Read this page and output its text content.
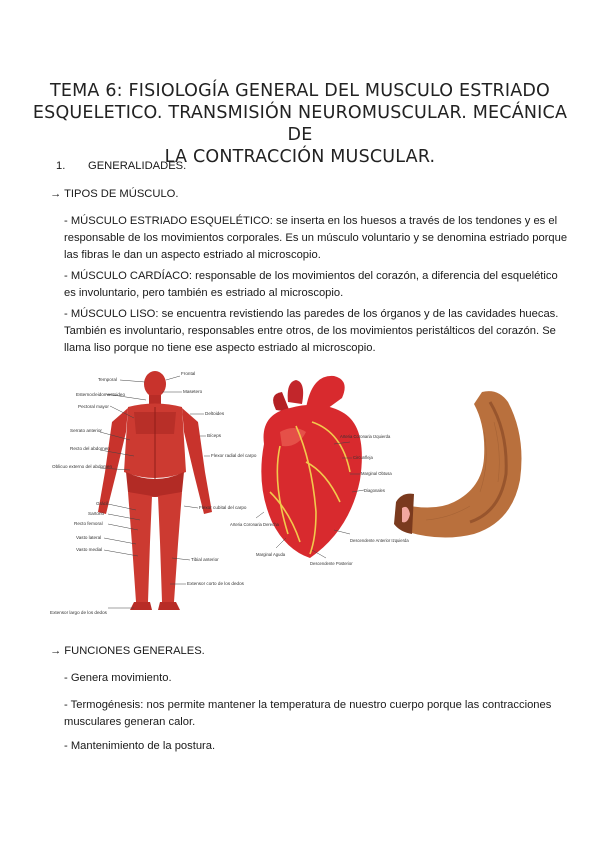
TEMA 6: FISIOLOGÍA GENERAL DEL MUSCULO ESTRIADO
ESQUELETICO. TRANSMISIÓN NEUROMUSCULAR. MECÁNICA DE
LA CONTRACCIÓN MUSCULAR.
1. GENERALIDADES.
→ TIPOS DE MÚSCULO.
- MÚSCULO ESTRIADO ESQUELÉTICO: se inserta en los huesos a través de los tendones y es el responsable de los movimientos corporales. Es un músculo voluntario y se denomina estriado porque las fibras le dan un aspecto estriado al microscopio.
- MÚSCULO CARDÍACO: responsable de los movimientos del corazón, a diferencia del esquelético es involuntario, pero también es estriado al microscopio.
- MÚSCULO LISO: se encuentra revistiendo las paredes de los órganos y de las cavidades huecas. También es involuntario, responsables entre otros, de los movimientos peristálticos del corazón. Se llama liso porque no tiene ese aspecto estriado al microscopio.
Temporal
Esternocleidomastoideo
Pectoral mayor
Serrato anterior
Recto del abdomen
Oblicuo externo del abdomen
Grácil
Sartorio
Recto femoral
Vasto lateral
Vasto medial
Extensor largo de los dedos
Frontal
Masetero
Deltoides
Bíceps
Flexor radial del carpo
Flexor cubital del carpo
Tibial anterior
Extensor corto de los dedos
Arteria Coronaria Izquierda
Circunfleja
Marginal Obtusa
Diagonales
Descendente Anterior Izquierda
Descendente Posterior
Marginal Aguda
Arteria Coronaria Derecha
→ FUNCIONES GENERALES.
- Genera movimiento.
- Termogénesis: nos permite mantener la temperatura de nuestro cuerpo porque las contracciones musculares generan calor.
- Mantenimiento de la postura.
